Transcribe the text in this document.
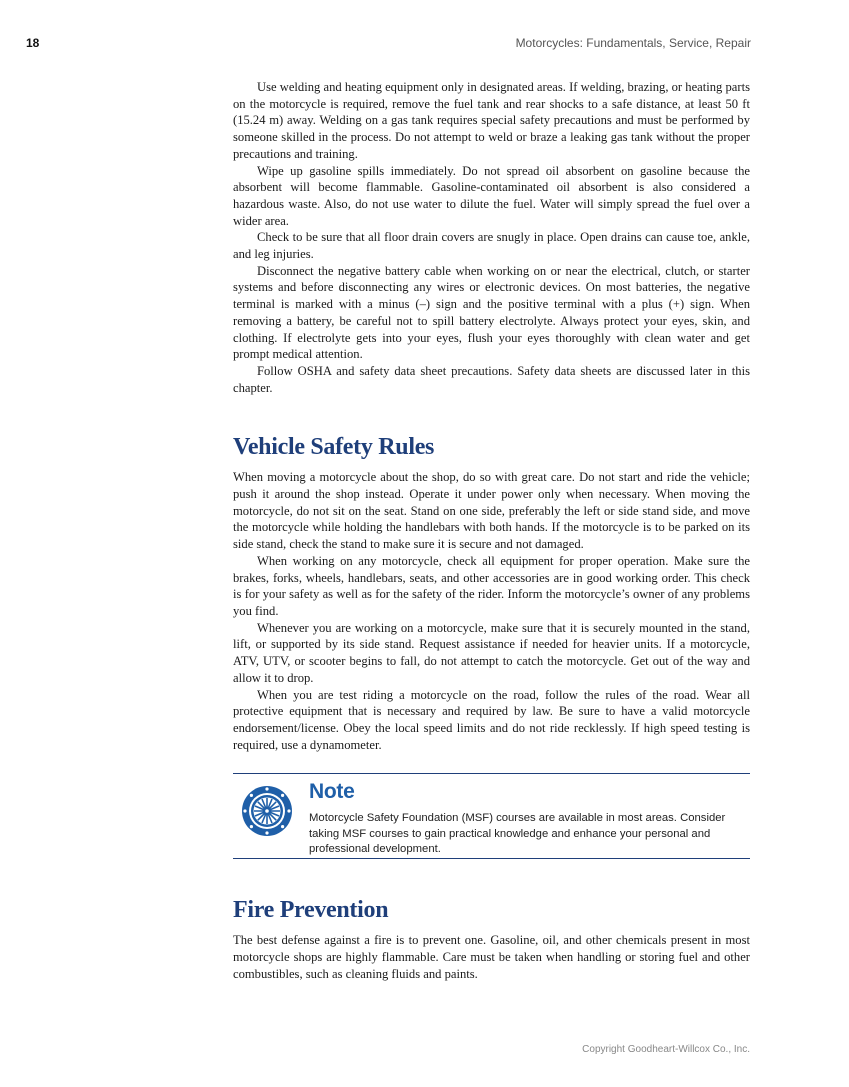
18	Motorcycles: Fundamentals, Service, Repair

Use welding and heating equipment only in designated areas. If welding, brazing, or heating parts on the motorcycle is required, remove the fuel tank and rear shocks to a safe distance, at least 50 ft (15.24 m) away. Welding on a gas tank requires special safety precautions and must be performed by someone skilled in the process. Do not attempt to weld or braze a leaking gas tank without the proper precautions and training.

Wipe up gasoline spills immediately. Do not spread oil absorbent on gasoline because the absorbent will become flammable. Gasoline-contaminated oil absorbent is also considered a hazardous waste. Also, do not use water to dilute the fuel. Water will simply spread the fuel over a wider area.

Check to be sure that all floor drain covers are snugly in place. Open drains can cause toe, ankle, and leg injuries.

Disconnect the negative battery cable when working on or near the electrical, clutch, or starter systems and before disconnecting any wires or electronic devices. On most batteries, the negative terminal is marked with a minus (–) sign and the positive terminal with a plus (+) sign. When removing a battery, be careful not to spill battery electrolyte. Always protect your eyes, skin, and clothing. If electrolyte gets into your eyes, flush your eyes thoroughly with clean water and get prompt medical attention.

Follow OSHA and safety data sheet precautions. Safety data sheets are discussed later in this chapter.

Vehicle Safety Rules

When moving a motorcycle about the shop, do so with great care. Do not start and ride the vehicle; push it around the shop instead. Operate it under power only when necessary. When moving the motorcycle, do not sit on the seat. Stand on one side, preferably the left or side stand side, and move the motorcycle while holding the handlebars with both hands. If the motorcycle is to be parked on its side stand, check the stand to make sure it is secure and not damaged.

When working on any motorcycle, check all equipment for proper operation. Make sure the brakes, forks, wheels, handlebars, seats, and other accessories are in good working order. This check is for your safety as well as for the safety of the rider. Inform the motorcycle’s owner of any problems you find.

Whenever you are working on a motorcycle, make sure that it is securely mounted in the stand, lift, or supported by its side stand. Request assistance if needed for heavier units. If a motorcycle, ATV, UTV, or scooter begins to fall, do not attempt to catch the motorcycle. Get out of the way and allow it to drop.

When you are test riding a motorcycle on the road, follow the rules of the road. Wear all protective equipment that is necessary and required by law. Be sure to have a valid motorcycle endorsement/license. Obey the local speed limits and do not ride recklessly. If high speed testing is required, use a dynamometer.

Note
Motorcycle Safety Foundation (MSF) courses are available in most areas. Consider taking MSF courses to gain practical knowledge and enhance your personal and professional development.
Fire Prevention

The best defense against a fire is to prevent one. Gasoline, oil, and other chemicals present in most motorcycle shops are highly flammable. Care must be taken when handling or storing fuel and other combustibles, such as cleaning fluids and paints.

Copyright Goodheart-Willcox Co., Inc.
